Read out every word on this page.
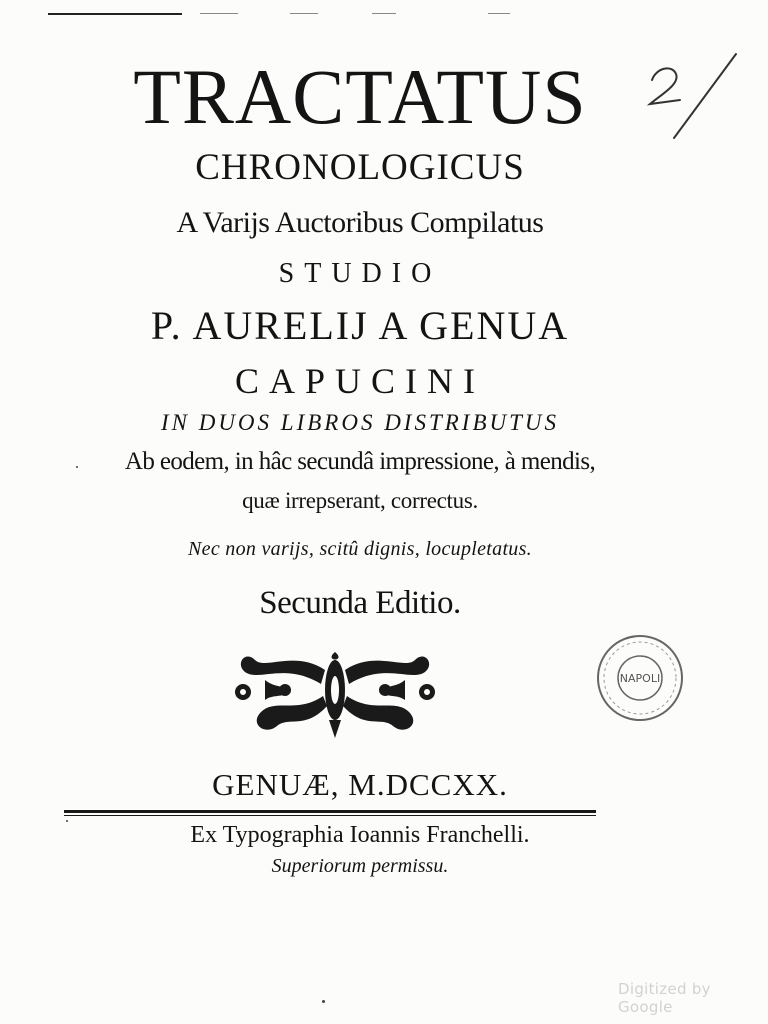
TRACTATUS
CHRONOLOGICUS
A Varijs Auctoribus Compilatus
STUDIO
P. AURELIJ A GENUA
CAPUCINI
IN DUOS LIBROS DISTRIBUTUS
Ab eodem, in hâc secundâ impressione, à mendis,
quæ irrepserant, correctus.
Nec non varijs, scitû dignis, locupletatus.
Secunda Editio.
NAPOLI
GENUÆ, M.DCCXX.
Ex Typographia Ioannis Franchelli.
Superiorum permissu.
Digitized by Google
